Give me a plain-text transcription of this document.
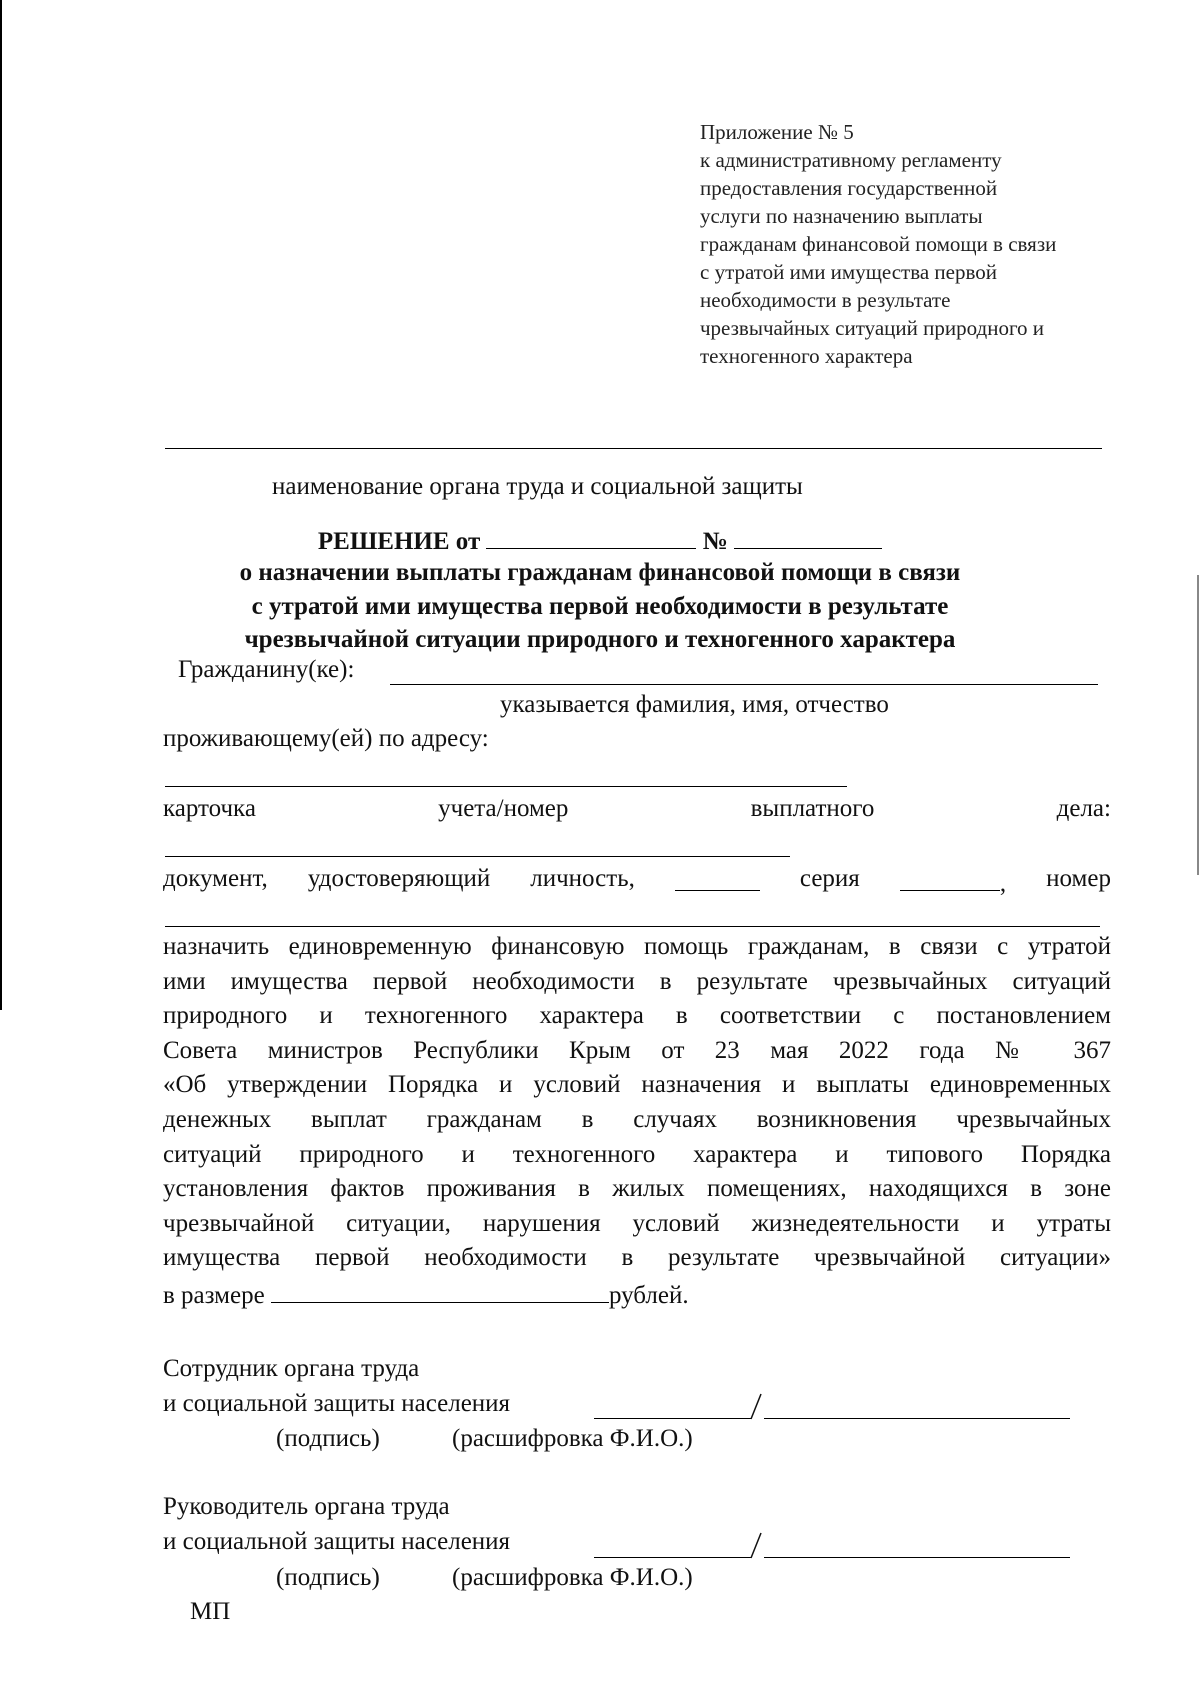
Приложение № 5
к административному регламенту
предоставления государственной
услуги по назначению выплаты
гражданам финансовой помощи в связи
с утратой ими имущества первой
необходимости в результате
чрезвычайных ситуаций природного и
техногенного характера
наименование органа труда и социальной защиты
РЕШЕНИЕ от	№
о назначении выплаты гражданам финансовой помощи в связи
с утратой ими имущества первой необходимости в результате
чрезвычайной ситуации природного и техногенного характера
Гражданину(ке):
указывается фамилия, имя, отчество
проживающему(ей) по адресу:
карточка	учета/номер	выплатного	дела:
документ, удостоверяющий личность,	серия	, номер
назначить единовременную финансовую помощь гражданам, в связи с утратой
ими имущества первой необходимости в результате чрезвычайных ситуаций
природного и техногенного характера в соответствии с постановлением
Совета министров Республики Крым от 23 мая 2022 года № 367
«Об утверждении Порядка и условий назначения и выплаты единовременных
денежных выплат гражданам в случаях возникновения чрезвычайных
ситуаций природного и техногенного характера и типового Порядка
установления фактов проживания в жилых помещениях, находящихся в зоне
чрезвычайной ситуации, нарушения условий жизнедеятельности и утраты
имущества первой необходимости в результате чрезвычайной ситуации»
в размере	рублей.
Сотрудник органа труда
и социальной защиты населения
(подпись)	(расшифровка Ф.И.О.)
Руководитель органа труда
и социальной защиты населения
(подпись)	(расшифровка Ф.И.О.)
МП
